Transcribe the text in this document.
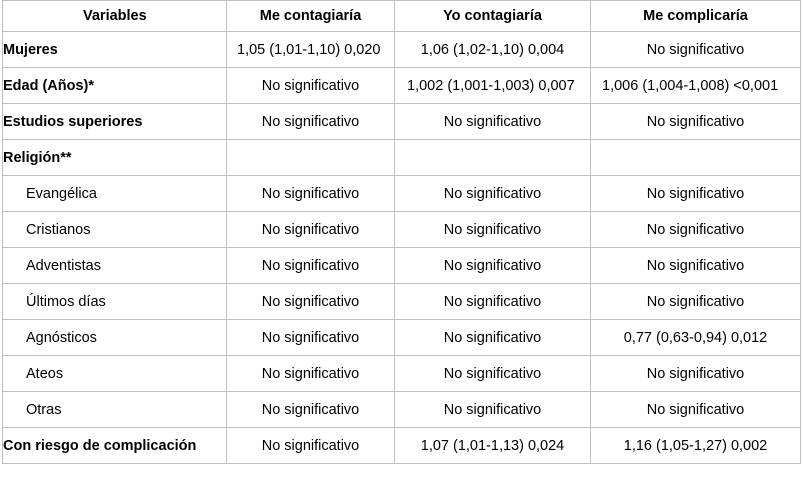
Variables	Me contagiaría	Yo contagiaría	Me complicaría
Mujeres	1,05 (1,01-1,10) 0,020	1,06 (1,02-1,10) 0,004	No significativo
Edad (Años)*	No significativo	1,002 (1,001-1,003) 0,007	1,006 (1,004-1,008) <0,001
Estudios superiores	No significativo	No significativo	No significativo
Religión**			
Evangélica	No significativo	No significativo	No significativo
Cristianos	No significativo	No significativo	No significativo
Adventistas	No significativo	No significativo	No significativo
Últimos días	No significativo	No significativo	No significativo
Agnósticos	No significativo	No significativo	0,77 (0,63-0,94) 0,012
Ateos	No significativo	No significativo	No significativo
Otras	No significativo	No significativo	No significativo
Con riesgo de complicación	No significativo	1,07 (1,01-1,13) 0,024	1,16 (1,05-1,27) 0,002
